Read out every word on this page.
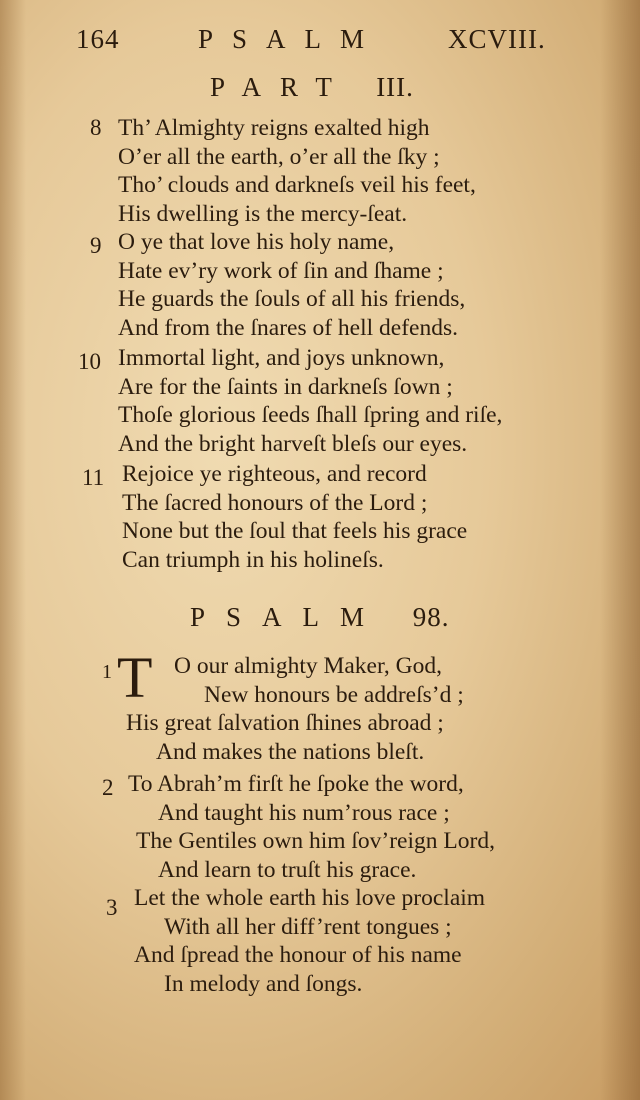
164	PSALM XCVIII.
PART III.
8 Th’ Almighty reigns exalted high
O’er all the earth, o’er all the ſky ;
Tho’ clouds and darkneſs veil his feet,
His dwelling is the mercy-ſeat.
9 O ye that love his holy name,
Hate ev’ry work of ſin and ſhame ;
He guards the ſouls of all his friends,
And from the ſnares of hell defends.
10 Immortal light, and joys unknown,
Are for the ſaints in darkneſs ſown ;
Thoſe glorious ſeeds ſhall ſpring and riſe,
And the bright harveſt bleſs our eyes.
11 Rejoice ye righteous, and record
The ſacred honours of the Lord ;
None but the ſoul that feels his grace
Can triumph in his holineſs.
PSALM 98.
1 T O our almighty Maker, God,
New honours be addreſs’d ;
His great ſalvation ſhines abroad ;
And makes the nations bleſt.
2 To Abrah’m firſt he ſpoke the word,
And taught his num’rous race ;
The Gentiles own him ſov’reign Lord,
And learn to truſt his grace.
3 Let the whole earth his love proclaim
With all her diff’rent tongues ;
And ſpread the honour of his name
In melody and ſongs.
